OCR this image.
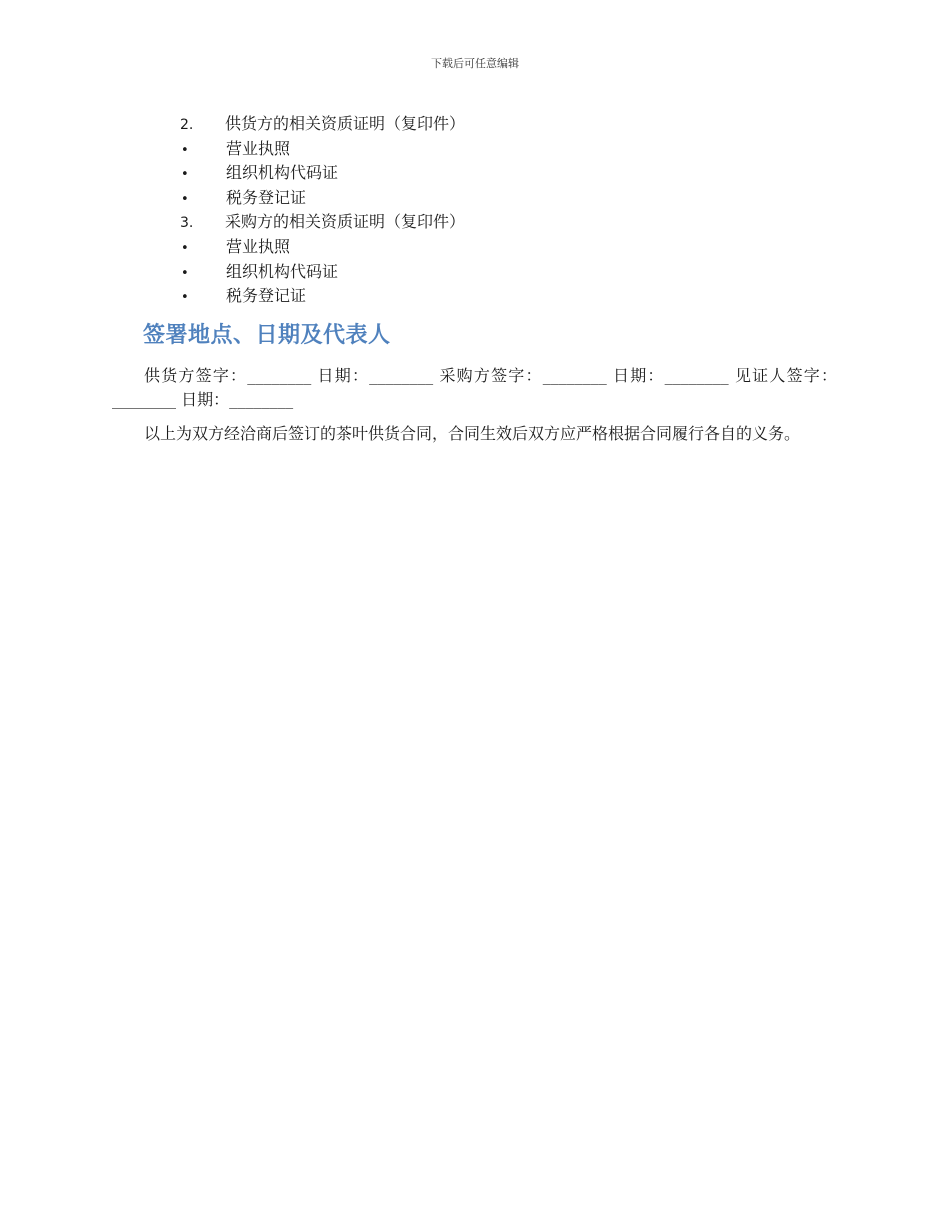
下载后可任意编辑
2.	供货方的相关资质证明（复印件）
•	营业执照
•	组织机构代码证
•	税务登记证
3.	采购方的相关资质证明（复印件）
•	营业执照
•	组织机构代码证
•	税务登记证
签署地点、日期及代表人

供货方签字：________ 日期：________ 采购方签字：________ 日期：________ 见证人签字：________ 日期：________

以上为双方经洽商后签订的茶叶供货合同，合同生效后双方应严格根据合同履行各自的义务。
